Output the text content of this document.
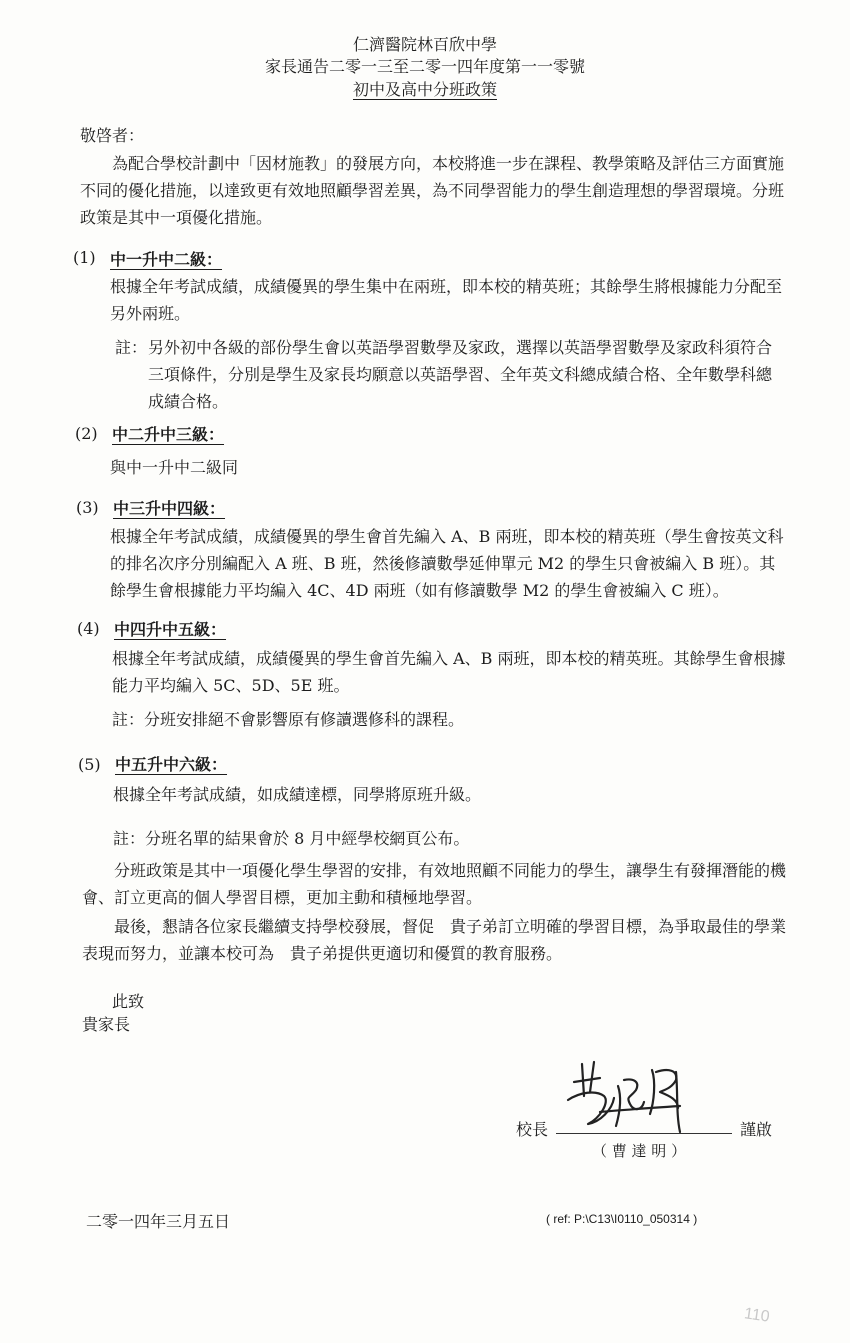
仁濟醫院林百欣中學
家長通告二零一三至二零一四年度第一一零號
初中及高中分班政策
敬啓者：
為配合學校計劃中「因材施教」的發展方向，本校將進一步在課程、教學策略及評估三方面實施不同的優化措施，以達致更有效地照顧學習差異，為不同學習能力的學生創造理想的學習環境。分班政策是其中一項優化措施。
(1) 中一升中二級：
根據全年考試成績，成績優異的學生集中在兩班，即本校的精英班；其餘學生將根據能力分配至另外兩班。
註： 另外初中各級的部份學生會以英語學習數學及家政，選擇以英語學習數學及家政科須符合三項條件，分別是學生及家長均願意以英語學習、全年英文科總成績合格、全年數學科總成績合格。
(2) 中二升中三級：
與中一升中二級同
(3) 中三升中四級：
根據全年考試成績，成績優異的學生會首先編入 A、B 兩班，即本校的精英班（學生會按英文科的排名次序分別編配入 A 班、B 班，然後修讀數學延伸單元 M2 的學生只會被編入 B 班）。其餘學生會根據能力平均編入 4C、4D 兩班（如有修讀數學 M2 的學生會被編入 C 班）。
(4) 中四升中五級：
根據全年考試成績，成績優異的學生會首先編入 A、B 兩班，即本校的精英班。其餘學生會根據能力平均編入 5C、5D、5E 班。
註：分班安排絕不會影響原有修讀選修科的課程。
(5) 中五升中六級：
根據全年考試成績，如成績達標，同學將原班升級。
註：分班名單的結果會於 8 月中經學校網頁公布。
分班政策是其中一項優化學生學習的安排，有效地照顧不同能力的學生，讓學生有發揮潛能的機會、訂立更高的個人學習目標，更加主動和積極地學習。
最後，懇請各位家長繼續支持學校發展，督促　貴子弟訂立明確的學習目標，為爭取最佳的學業表現而努力，並讓本校可為　貴子弟提供更適切和優質的教育服務。
此致
貴家長
校長	謹啟
（ 曹 達 明 ）
二零一四年三月五日	( ref: P:\C13\I0110_050314 )
110
